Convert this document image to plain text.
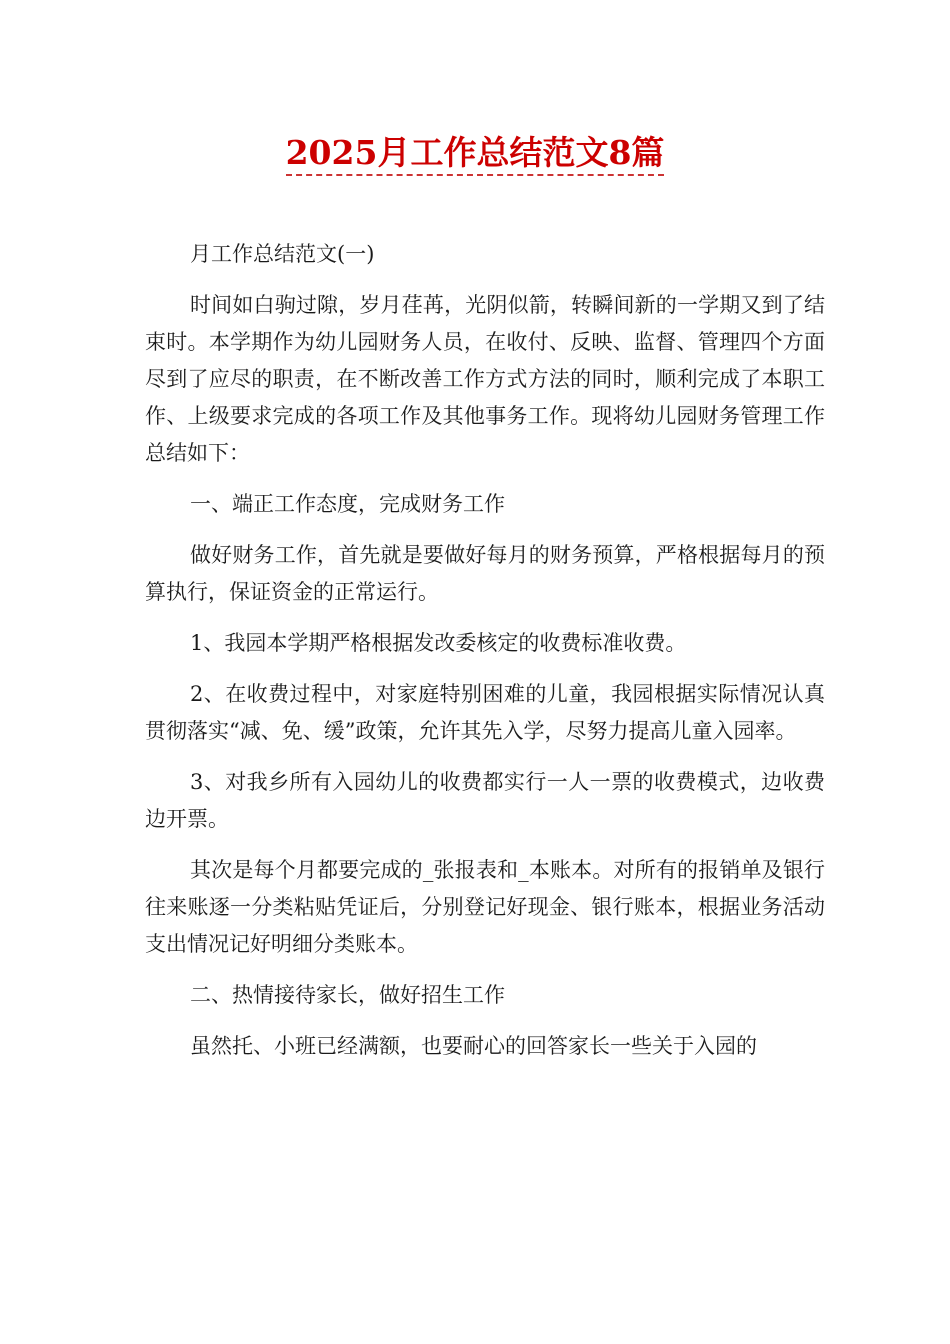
2025月工作总结范文8篇

月工作总结范文(一)

时间如白驹过隙，岁月荏苒，光阴似箭，转瞬间新的一学期又到了结束时。本学期作为幼儿园财务人员，在收付、反映、监督、管理四个方面尽到了应尽的职责，在不断改善工作方式方法的同时，顺利完成了本职工作、上级要求完成的各项工作及其他事务工作。现将幼儿园财务管理工作总结如下：

一、端正工作态度，完成财务工作

做好财务工作，首先就是要做好每月的财务预算，严格根据每月的预算执行，保证资金的正常运行。

1、我园本学期严格根据发改委核定的收费标准收费。

2、在收费过程中，对家庭特别困难的儿童，我园根据实际情况认真贯彻落实“减、免、缓”政策，允许其先入学，尽努力提高儿童入园率。

3、对我乡所有入园幼儿的收费都实行一人一票的收费模式，边收费边开票。

其次是每个月都要完成的_张报表和_本账本。对所有的报销单及银行往来账逐一分类粘贴凭证后，分别登记好现金、银行账本，根据业务活动支出情况记好明细分类账本。

二、热情接待家长，做好招生工作

虽然托、小班已经满额，也要耐心的回答家长一些关于入园的
